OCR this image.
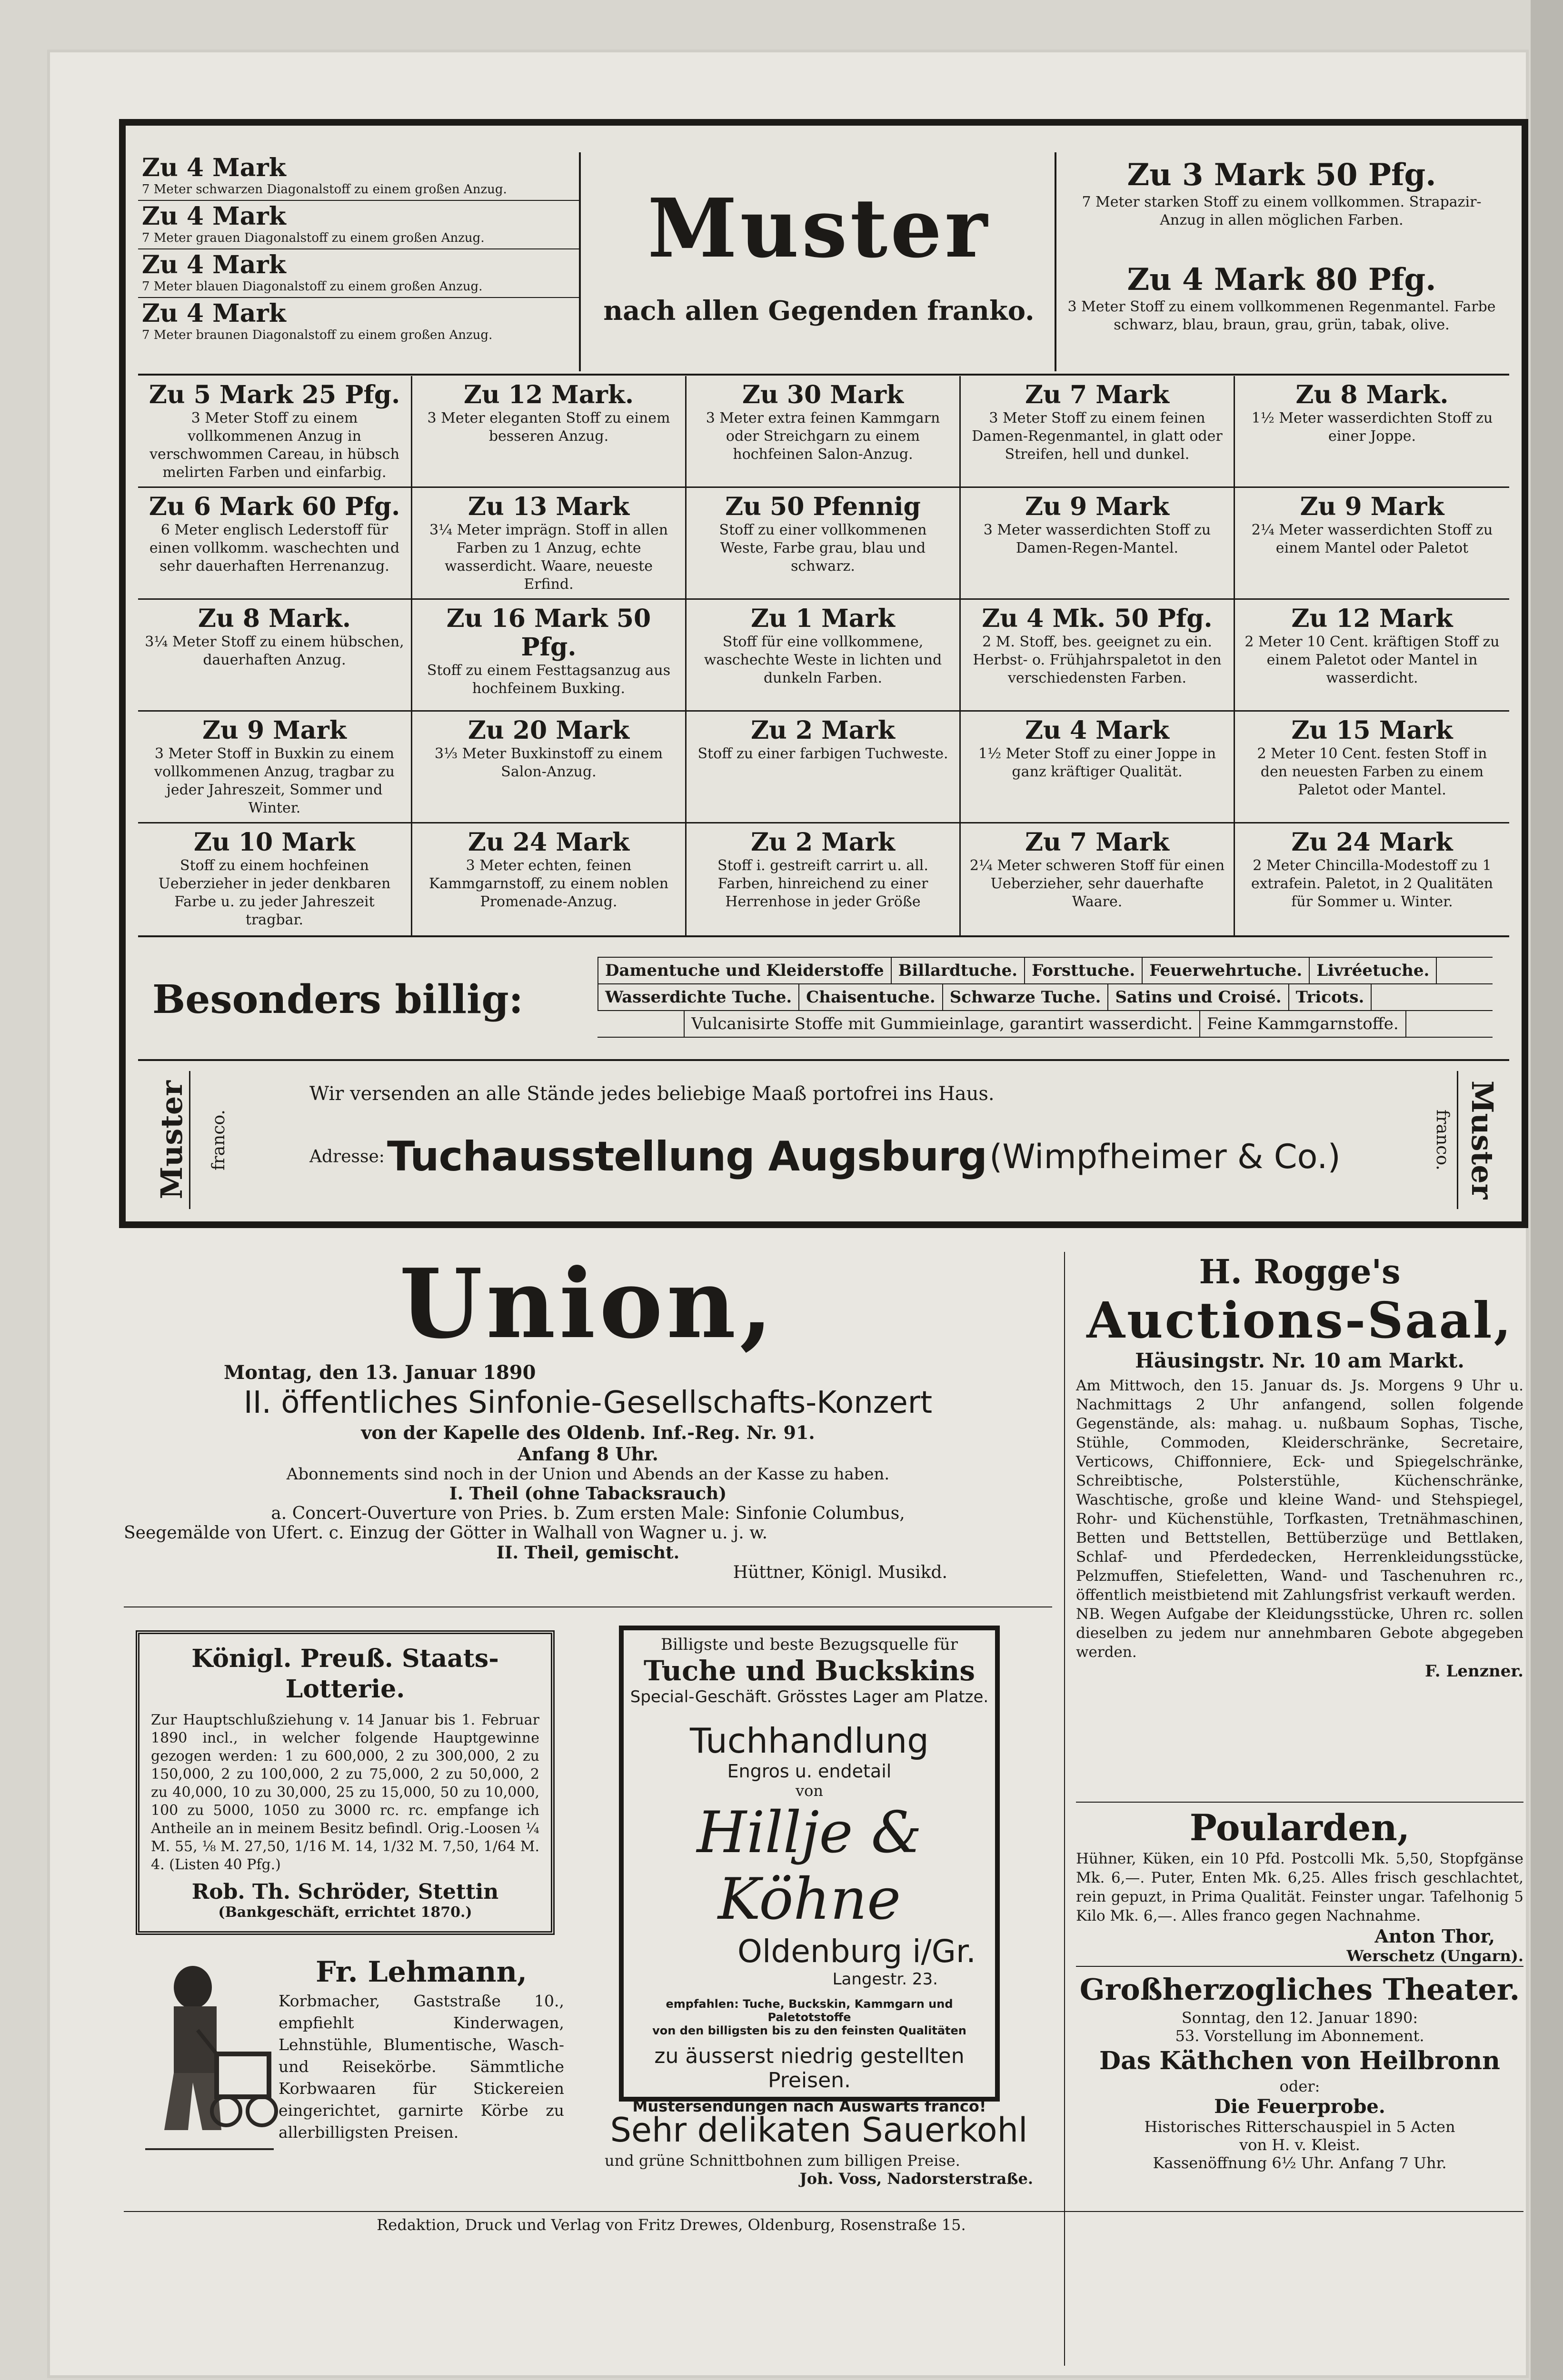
Zu 4 Mark
7 Meter schwarzen Diagonalstoff zu einem großen Anzug.
Zu 4 Mark
7 Meter grauen Diagonalstoff zu einem großen Anzug.
Zu 4 Mark
7 Meter blauen Diagonalstoff zu einem großen Anzug.
Zu 4 Mark
7 Meter braunen Diagonalstoff zu einem großen Anzug.
Muster
nach allen Gegenden franko.
Zu 3 Mark 50 Pfg.
7 Meter starken Stoff zu einem vollkommen. Strapazir-Anzug in allen möglichen Farben.
Zu 4 Mark 80 Pfg.
3 Meter Stoff zu einem vollkommenen Regenmantel. Farbe schwarz, blau, braun, grau, grün, tabak, olive.
Zu 5 Mark 25 Pfg.
3 Meter Stoff zu einem vollkommenen Anzug in verschwommen Careau, in hübsch melirten Farben und einfarbig.
Zu 12 Mark.
3 Meter eleganten Stoff zu einem besseren Anzug.
Zu 30 Mark
3 Meter extra feinen Kammgarn oder Streichgarn zu einem hochfeinen Salon-Anzug.
Zu 7 Mark
3 Meter Stoff zu einem feinen Damen-Regenmantel, in glatt oder Streifen, hell und dunkel.
Zu 8 Mark.
1½ Meter wasserdichten Stoff zu einer Joppe.
Zu 6 Mark 60 Pfg.
6 Meter englisch Lederstoff für einen vollkomm. waschechten und sehr dauerhaften Herrenanzug.
Zu 13 Mark
3¼ Meter imprägn. Stoff in allen Farben zu 1 Anzug, echte wasserdicht. Waare, neueste Erfind.
Zu 50 Pfennig
Stoff zu einer vollkommenen Weste, Farbe grau, blau und schwarz.
Zu 9 Mark
3 Meter wasserdichten Stoff zu Damen-Regen-Mantel.
Zu 9 Mark
2¼ Meter wasserdichten Stoff zu einem Mantel oder Paletot
Zu 8 Mark.
3¼ Meter Stoff zu einem hübschen, dauerhaften Anzug.
Zu 16 Mark 50 Pfg.
Stoff zu einem Festtagsanzug aus hochfeinem Buxking.
Zu 1 Mark
Stoff für eine vollkommene, waschechte Weste in lichten und dunkeln Farben.
Zu 4 Mk. 50 Pfg.
2 M. Stoff, bes. geeignet zu ein. Herbst- o. Frühjahrspaletot in den verschiedensten Farben.
Zu 12 Mark
2 Meter 10 Cent. kräftigen Stoff zu einem Paletot oder Mantel in wasserdicht.
Zu 9 Mark
3 Meter Stoff in Buxkin zu einem vollkommenen Anzug, tragbar zu jeder Jahreszeit, Sommer und Winter.
Zu 20 Mark
3⅓ Meter Buxkinstoff zu einem Salon-Anzug.
Zu 2 Mark
Stoff zu einer farbigen Tuchweste.
Zu 4 Mark
1½ Meter Stoff zu einer Joppe in ganz kräftiger Qualität.
Zu 15 Mark
2 Meter 10 Cent. festen Stoff in den neuesten Farben zu einem Paletot oder Mantel.
Zu 10 Mark
Stoff zu einem hochfeinen Ueberzieher in jeder denkbaren Farbe u. zu jeder Jahreszeit tragbar.
Zu 24 Mark
3 Meter echten, feinen Kammgarnstoff, zu einem noblen Promenade-Anzug.
Zu 2 Mark
Stoff i. gestreift carrirt u. all. Farben, hinreichend zu einer Herrenhose in jeder Größe
Zu 7 Mark
2¼ Meter schweren Stoff für einen Ueberzieher, sehr dauerhafte Waare.
Zu 24 Mark
2 Meter Chincilla-Modestoff zu 1 extrafein. Paletot, in 2 Qualitäten für Sommer u. Winter.
Besonders billig:
Damentuche und Kleiderstoffe Billardtuche. Forsttuche. Feuerwehrtuche. Livréetuche.
Wasserdichte Tuche. Chaisentuche. Schwarze Tuche. Satins und Croisé. Tricots.
Vulcanisirte Stoffe mit Gummieinlage, garantirt wasserdicht. Feine Kammgarnstoffe.
Muster	franco.
Wir versenden an alle Stände jedes beliebige Maaß portofrei ins Haus.
Adresse: Tuchausstellung Augsburg (Wimpfheimer & Co.)	franco. Muster
Union,
Montag, den 13. Januar 1890
II. öffentliches Sinfonie-Gesellschafts-Konzert
von der Kapelle des Oldenb. Inf.-Reg. Nr. 91.
Anfang 8 Uhr.
Abonnements sind noch in der Union und Abends an der Kasse zu haben.
I. Theil (ohne Tabacksrauch)
a. Concert-Ouverture von Pries. b. Zum ersten Male: Sinfonie Columbus,
Seegemälde von Ufert. c. Einzug der Götter in Walhall von Wagner u. j. w.
II. Theil, gemischt.
Hüttner, Königl. Musikd.
Königl. Preuß. Staats-Lotterie.
Zur Hauptschlußziehung v. 14 Januar bis 1. Februar 1890 incl., in welcher folgende Hauptgewinne gezogen werden: 1 zu 600,000, 2 zu 300,000, 2 zu 150,000, 2 zu 100,000, 2 zu 75,000, 2 zu 50,000, 2 zu 40,000, 10 zu 30,000, 25 zu 15,000, 50 zu 10,000, 100 zu 5000, 1050 zu 3000 rc. rc. empfange ich Antheile an in meinem Besitz befindl. Orig.-Loosen ¼ M. 55, ⅛ M. 27,50, 1/16 M. 14, 1/32 M. 7,50, 1/64 M. 4. (Listen 40 Pfg.)
Rob. Th. Schröder, Stettin
(Bankgeschäft, errichtet 1870.)
Fr. Lehmann,
Korbmacher, Gaststraße 10., empfiehlt Kinderwagen, Lehnstühle, Blumentische, Wasch- und Reisekörbe. Sämmtliche Korbwaaren für Stickereien eingerichtet, garnirte Körbe zu allerbilligsten Preisen.
Billigste und beste Bezugsquelle für
Tuche und Buckskins
Special-Geschäft. Grösstes Lager am Platze.
Tuchhandlung
Engros u. endetail
von
Hillje & Köhne
Oldenburg i/Gr.
Langestr. 23.
empfahlen: Tuche, Buckskin, Kammgarn und Paletotstoffe
von den billigsten bis zu den feinsten Qualitäten
zu äusserst niedrig gestellten Preisen.
Mustersendungen nach Auswärts franco!
Sehr delikaten Sauerkohl
und grüne Schnittbohnen zum billigen Preise.
Joh. Voss, Nadorsterstraße.
H. Rogge's
Auctions-Saal,
Häusingstr. Nr. 10 am Markt.
Am Mittwoch, den 15. Januar ds. Js. Morgens 9 Uhr u. Nachmittags 2 Uhr anfangend, sollen folgende Gegenstände, als: mahag. u. nußbaum Sophas, Tische, Stühle, Commoden, Kleiderschränke, Secretaire, Verticows, Chiffonniere, Eck- und Spiegelschränke, Schreibtische, Polsterstühle, Küchenschränke, Waschtische, große und kleine Wand- und Stehspiegel, Rohr- und Küchenstühle, Torfkasten, Tretnähmaschinen, Betten und Bettstellen, Bettüberzüge und Bettlaken, Schlaf- und Pferdedecken, Herrenkleidungsstücke, Pelzmuffen, Stiefeletten, Wand- und Taschenuhren rc., öffentlich meistbietend mit Zahlungsfrist verkauft werden.
NB. Wegen Aufgabe der Kleidungsstücke, Uhren rc. sollen dieselben zu jedem nur annehmbaren Gebote abgegeben werden.
F. Lenzner.
Poularden,
Hühner, Küken, ein 10 Pfd. Postcolli Mk. 5,50, Stopfgänse Mk. 6,—. Puter, Enten Mk. 6,25. Alles frisch geschlachtet, rein gepuzt, in Prima Qualität. Feinster ungar. Tafelhonig 5 Kilo Mk. 6,—. Alles franco gegen Nachnahme.
Anton Thor,
Werschetz (Ungarn).
Großherzogliches Theater.
Sonntag, den 12. Januar 1890:
53. Vorstellung im Abonnement.
Das Käthchen von Heilbronn
oder:
Die Feuerprobe.
Historisches Ritterschauspiel in 5 Acten
von H. v. Kleist.
Kassenöffnung 6½ Uhr. Anfang 7 Uhr.
Redaktion, Druck und Verlag von Fritz Drewes, Oldenburg, Rosenstraße 15.
